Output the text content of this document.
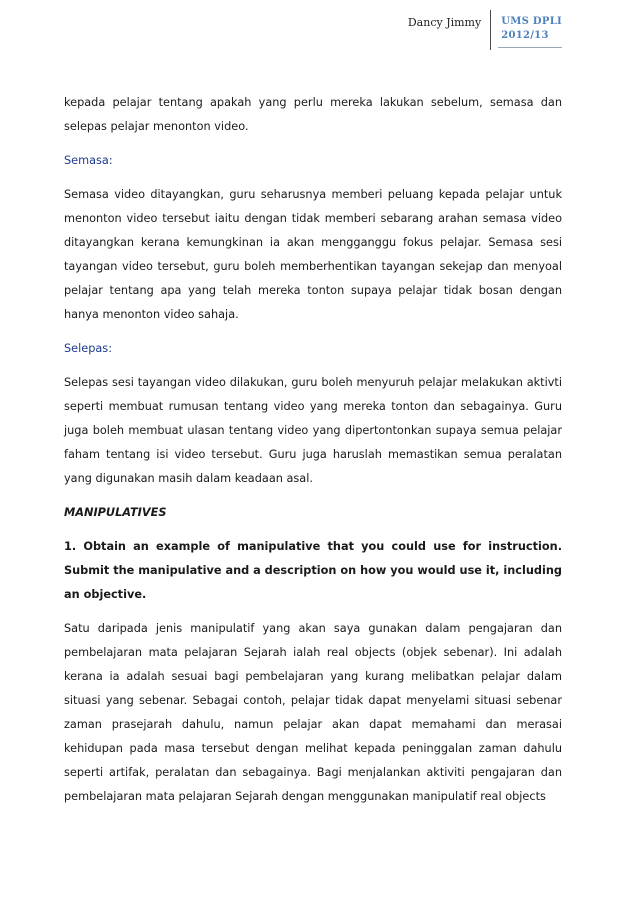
Dancy Jimmy	UMS DPLI
2012/13

kepada pelajar tentang apakah yang perlu mereka lakukan sebelum, semasa dan selepas pelajar menonton video.

Semasa:

Semasa video ditayangkan, guru seharusnya memberi peluang kepada pelajar untuk menonton video tersebut iaitu dengan tidak memberi sebarang arahan semasa video ditayangkan kerana kemungkinan ia akan mengganggu fokus pelajar. Semasa sesi tayangan video tersebut, guru boleh memberhentikan tayangan sekejap dan menyoal pelajar tentang apa yang telah mereka tonton supaya pelajar tidak bosan dengan hanya menonton video sahaja.

Selepas:

Selepas sesi tayangan video dilakukan, guru boleh menyuruh pelajar melakukan aktivti seperti membuat rumusan tentang video yang mereka tonton dan sebagainya. Guru juga boleh membuat ulasan tentang video yang dipertontonkan supaya semua pelajar faham tentang isi video tersebut. Guru juga haruslah memastikan semua peralatan yang digunakan masih dalam keadaan asal.

MANIPULATIVES

1. Obtain an example of manipulative that you could use for instruction. Submit the manipulative and a description on how you would use it, including an objective.

Satu daripada jenis manipulatif yang akan saya gunakan dalam pengajaran dan pembelajaran mata pelajaran Sejarah ialah real objects (objek sebenar). Ini adalah kerana ia adalah sesuai bagi pembelajaran yang kurang melibatkan pelajar dalam situasi yang sebenar. Sebagai contoh, pelajar tidak dapat menyelami situasi sebenar zaman prasejarah dahulu, namun pelajar akan dapat memahami dan merasai kehidupan pada masa tersebut dengan melihat kepada peninggalan zaman dahulu seperti artifak, peralatan dan sebagainya. Bagi menjalankan aktiviti pengajaran dan pembelajaran mata pelajaran Sejarah dengan menggunakan manipulatif real objects
